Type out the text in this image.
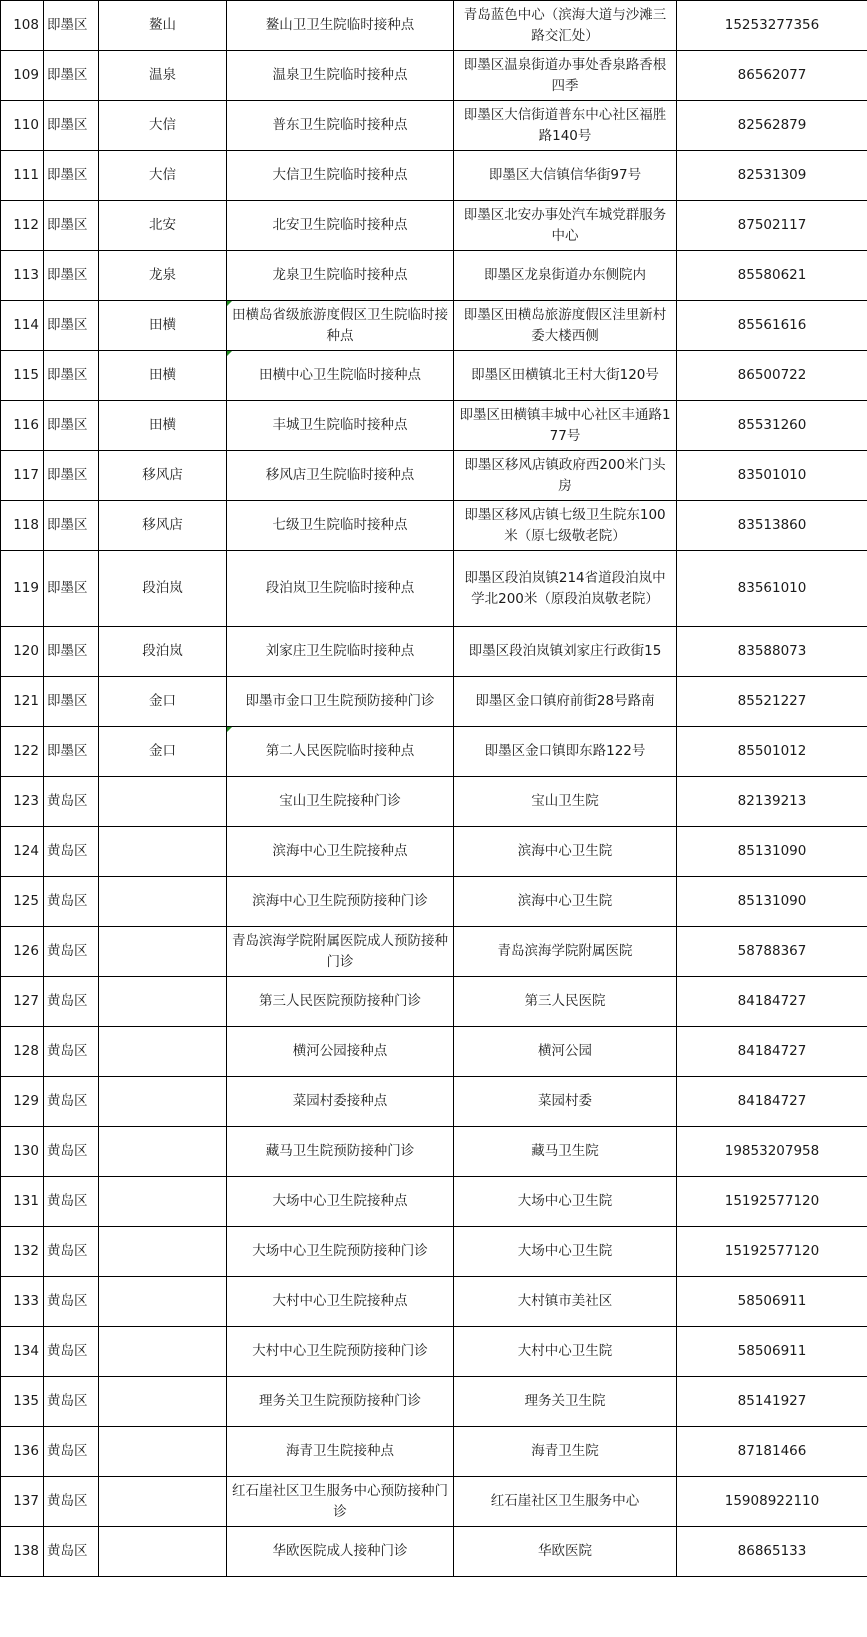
108	即墨区	鳌山	鳌山卫卫生院临时接种点	青岛蓝色中心（滨海大道与沙滩三路交汇处）	15253277356
109	即墨区	温泉	温泉卫生院临时接种点	即墨区温泉街道办事处香泉路香根四季	86562077
110	即墨区	大信	普东卫生院临时接种点	即墨区大信街道普东中心社区福胜路140号	82562879
111	即墨区	大信	大信卫生院临时接种点	即墨区大信镇信华街97号	82531309
112	即墨区	北安	北安卫生院临时接种点	即墨区北安办事处汽车城党群服务中心	87502117
113	即墨区	龙泉	龙泉卫生院临时接种点	即墨区龙泉街道办东侧院内	85580621
114	即墨区	田横	田横岛省级旅游度假区卫生院临时接种点	即墨区田横岛旅游度假区洼里新村委大楼西侧	85561616
115	即墨区	田横	田横中心卫生院临时接种点	即墨区田横镇北王村大街120号	86500722
116	即墨区	田横	丰城卫生院临时接种点	即墨区田横镇丰城中心社区丰通路177号	85531260
117	即墨区	移风店	移风店卫生院临时接种点	即墨区移风店镇政府西200米门头房	83501010
118	即墨区	移风店	七级卫生院临时接种点	即墨区移风店镇七级卫生院东100米（原七级敬老院）	83513860
119	即墨区	段泊岚	段泊岚卫生院临时接种点	即墨区段泊岚镇214省道段泊岚中学北200米（原段泊岚敬老院）	83561010
120	即墨区	段泊岚	刘家庄卫生院临时接种点	即墨区段泊岚镇刘家庄行政街15	83588073
121	即墨区	金口	即墨市金口卫生院预防接种门诊	即墨区金口镇府前街28号路南	85521227
122	即墨区	金口	第二人民医院临时接种点	即墨区金口镇即东路122号	85501012
123	黄岛区		宝山卫生院接种门诊	宝山卫生院	82139213
124	黄岛区		滨海中心卫生院接种点	滨海中心卫生院	85131090
125	黄岛区		滨海中心卫生院预防接种门诊	滨海中心卫生院	85131090
126	黄岛区		青岛滨海学院附属医院成人预防接种门诊	青岛滨海学院附属医院	58788367
127	黄岛区		第三人民医院预防接种门诊	第三人民医院	84184727
128	黄岛区		横河公园接种点	横河公园	84184727
129	黄岛区		菜园村委接种点	菜园村委	84184727
130	黄岛区		藏马卫生院预防接种门诊	藏马卫生院	19853207958
131	黄岛区		大场中心卫生院接种点	大场中心卫生院	15192577120
132	黄岛区		大场中心卫生院预防接种门诊	大场中心卫生院	15192577120
133	黄岛区		大村中心卫生院接种点	大村镇市美社区	58506911
134	黄岛区		大村中心卫生院预防接种门诊	大村中心卫生院	58506911
135	黄岛区		理务关卫生院预防接种门诊	理务关卫生院	85141927
136	黄岛区		海青卫生院接种点	海青卫生院	87181466
137	黄岛区		红石崖社区卫生服务中心预防接种门诊	红石崖社区卫生服务中心	15908922110
138	黄岛区		华欧医院成人接种门诊	华欧医院	86865133
